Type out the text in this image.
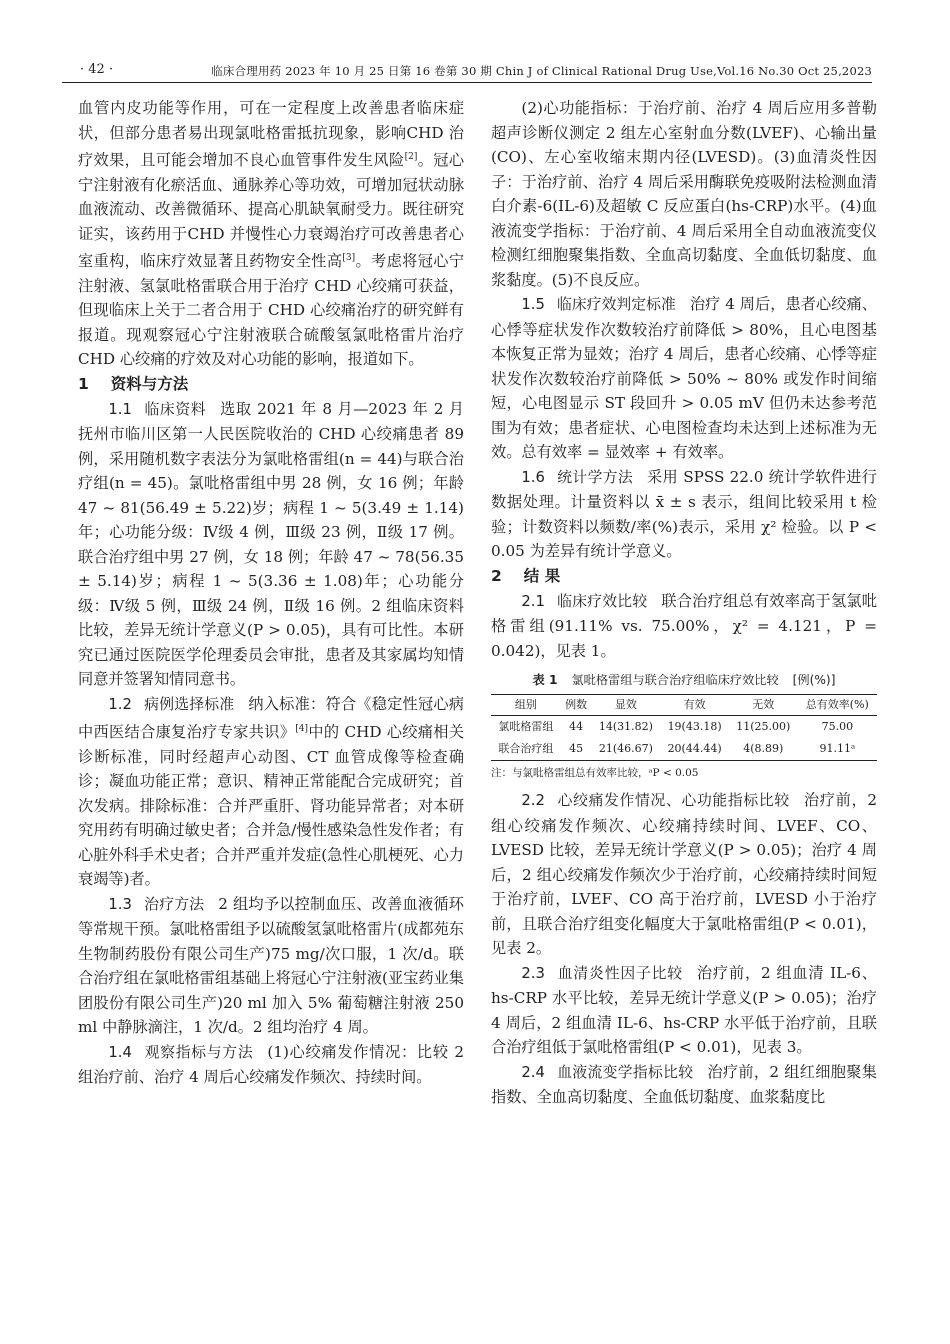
· 42 ·	临床合理用药 2023 年 10 月 25 日第 16 卷第 30 期 Chin J of Clinical Rational Drug Use,Vol.16 No.30 Oct 25,2023

血管内皮功能等作用，可在一定程度上改善患者临床症状，但部分患者易出现氯吡格雷抵抗现象，影响CHD 治疗效果，且可能会增加不良心血管事件发生风险[2]。冠心宁注射液有化瘀活血、通脉养心等功效，可增加冠状动脉血液流动、改善微循环、提高心肌缺氧耐受力。既往研究证实，该药用于CHD 并慢性心力衰竭治疗可改善患者心室重构，临床疗效显著且药物安全性高[3]。考虑将冠心宁注射液、氢氯吡格雷联合用于治疗 CHD 心绞痛可获益，但现临床上关于二者合用于 CHD 心绞痛治疗的研究鲜有报道。现观察冠心宁注射液联合硫酸氢氯吡格雷片治疗 CHD 心绞痛的疗效及对心功能的影响，报道如下。

1 资料与方法

1.1 临床资料 选取 2021 年 8 月—2023 年 2 月抚州市临川区第一人民医院收治的 CHD 心绞痛患者 89 例，采用随机数字表法分为氯吡格雷组(n = 44)与联合治疗组(n = 45)。氯吡格雷组中男 28 例，女 16 例；年龄 47 ~ 81(56.49 ± 5.22)岁；病程 1 ~ 5(3.49 ± 1.14)年；心功能分级：Ⅳ级 4 例，Ⅲ级 23 例，Ⅱ级 17 例。联合治疗组中男 27 例，女 18 例；年龄 47 ~ 78(56.35 ± 5.14)岁；病程 1 ~ 5(3.36 ± 1.08)年；心功能分级：Ⅳ级 5 例，Ⅲ级 24 例，Ⅱ级 16 例。2 组临床资料比较，差异无统计学意义(P > 0.05)，具有可比性。本研究已通过医院医学伦理委员会审批，患者及其家属均知情同意并签署知情同意书。

1.2 病例选择标准 纳入标准：符合《稳定性冠心病中西医结合康复治疗专家共识》[4]中的 CHD 心绞痛相关诊断标准，同时经超声心动图、CT 血管成像等检查确诊；凝血功能正常；意识、精神正常能配合完成研究；首次发病。排除标准：合并严重肝、肾功能异常者；对本研究用药有明确过敏史者；合并急/慢性感染急性发作者；有心脏外科手术史者；合并严重并发症(急性心肌梗死、心力衰竭等)者。

1.3 治疗方法 2 组均予以控制血压、改善血液循环等常规干预。氯吡格雷组予以硫酸氢氯吡格雷片(成都苑东生物制药股份有限公司生产)75 mg/次口服，1 次/d。联合治疗组在氯吡格雷组基础上将冠心宁注射液(亚宝药业集团股份有限公司生产)20 ml 加入 5% 葡萄糖注射液 250 ml 中静脉滴注，1 次/d。2 组均治疗 4 周。

1.4 观察指标与方法 (1)心绞痛发作情况：比较 2 组治疗前、治疗 4 周后心绞痛发作频次、持续时间。

(2)心功能指标：于治疗前、治疗 4 周后应用多普勒超声诊断仪测定 2 组左心室射血分数(LVEF)、心输出量(CO)、左心室收缩末期内径(LVESD)。(3)血清炎性因子：于治疗前、治疗 4 周后采用酶联免疫吸附法检测血清白介素-6(IL-6)及超敏 C 反应蛋白(hs-CRP)水平。(4)血液流变学指标：于治疗前、4 周后采用全自动血液流变仪检测红细胞聚集指数、全血高切黏度、全血低切黏度、血浆黏度。(5)不良反应。

1.5 临床疗效判定标准 治疗 4 周后，患者心绞痛、心悸等症状发作次数较治疗前降低 > 80%，且心电图基本恢复正常为显效；治疗 4 周后，患者心绞痛、心悸等症状发作次数较治疗前降低 > 50% ~ 80% 或发作时间缩短，心电图显示 ST 段回升 > 0.05 mV 但仍未达参考范围为有效；患者症状、心电图检查均未达到上述标准为无效。总有效率 = 显效率 + 有效率。

1.6 统计学方法 采用 SPSS 22.0 统计学软件进行数据处理。计量资料以 x̄ ± s 表示，组间比较采用 t 检验；计数资料以频数/率(%)表示，采用 χ² 检验。以 P < 0.05 为差异有统计学意义。

2 结 果

2.1 临床疗效比较 联合治疗组总有效率高于氢氯吡格雷组(91.11% vs. 75.00%，χ² = 4.121，P = 0.042)，见表 1。

表 1 氯吡格雷组与联合治疗组临床疗效比较 [例(%)]
组别	例数	显效	有效	无效	总有效率(%)
氯吡格雷组	44	14(31.82)	19(43.18)	11(25.00)	75.00
联合治疗组	45	21(46.67)	20(44.44)	4(8.89)	91.11ᵃ
注：与氯吡格雷组总有效率比较，ᵃP < 0.05

2.2 心绞痛发作情况、心功能指标比较 治疗前，2 组心绞痛发作频次、心绞痛持续时间、LVEF、CO、LVESD 比较，差异无统计学意义(P > 0.05)；治疗 4 周后，2 组心绞痛发作频次少于治疗前，心绞痛持续时间短于治疗前，LVEF、CO 高于治疗前，LVESD 小于治疗前，且联合治疗组变化幅度大于氯吡格雷组(P < 0.01)，见表 2。

2.3 血清炎性因子比较 治疗前，2 组血清 IL-6、hs-CRP 水平比较，差异无统计学意义(P > 0.05)；治疗 4 周后，2 组血清 IL-6、hs-CRP 水平低于治疗前，且联合治疗组低于氯吡格雷组(P < 0.01)，见表 3。

2.4 血液流变学指标比较 治疗前，2 组红细胞聚集指数、全血高切黏度、全血低切黏度、血浆黏度比
